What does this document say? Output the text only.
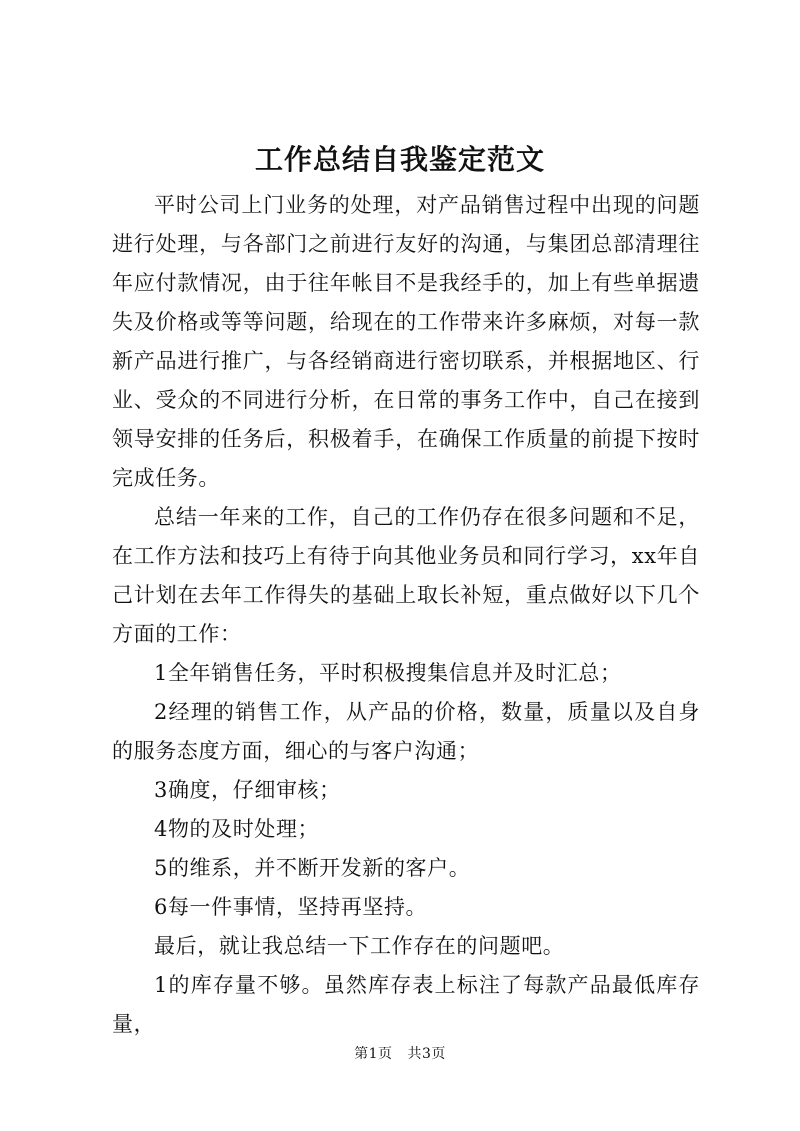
工作总结自我鉴定范文

平时公司上门业务的处理，对产品销售过程中出现的问题进行处理，与各部门之前进行友好的沟通，与集团总部清理往年应付款情况，由于往年帐目不是我经手的，加上有些单据遗失及价格或等等问题，给现在的工作带来许多麻烦，对每一款新产品进行推广，与各经销商进行密切联系，并根据地区、行业、受众的不同进行分析，在日常的事务工作中，自己在接到领导安排的任务后，积极着手，在确保工作质量的前提下按时完成任务。

总结一年来的工作，自己的工作仍存在很多问题和不足，在工作方法和技巧上有待于向其他业务员和同行学习，xx年自己计划在去年工作得失的基础上取长补短，重点做好以下几个方面的工作：

1全年销售任务，平时积极搜集信息并及时汇总；

2经理的销售工作，从产品的价格，数量，质量以及自身的服务态度方面，细心的与客户沟通；

3确度，仔细审核；

4物的及时处理；

5的维系，并不断开发新的客户。

6每一件事情，坚持再坚持。

最后，就让我总结一下工作存在的问题吧。

1的库存量不够。虽然库存表上标注了每款产品最低库存量，

第1页 共3页
